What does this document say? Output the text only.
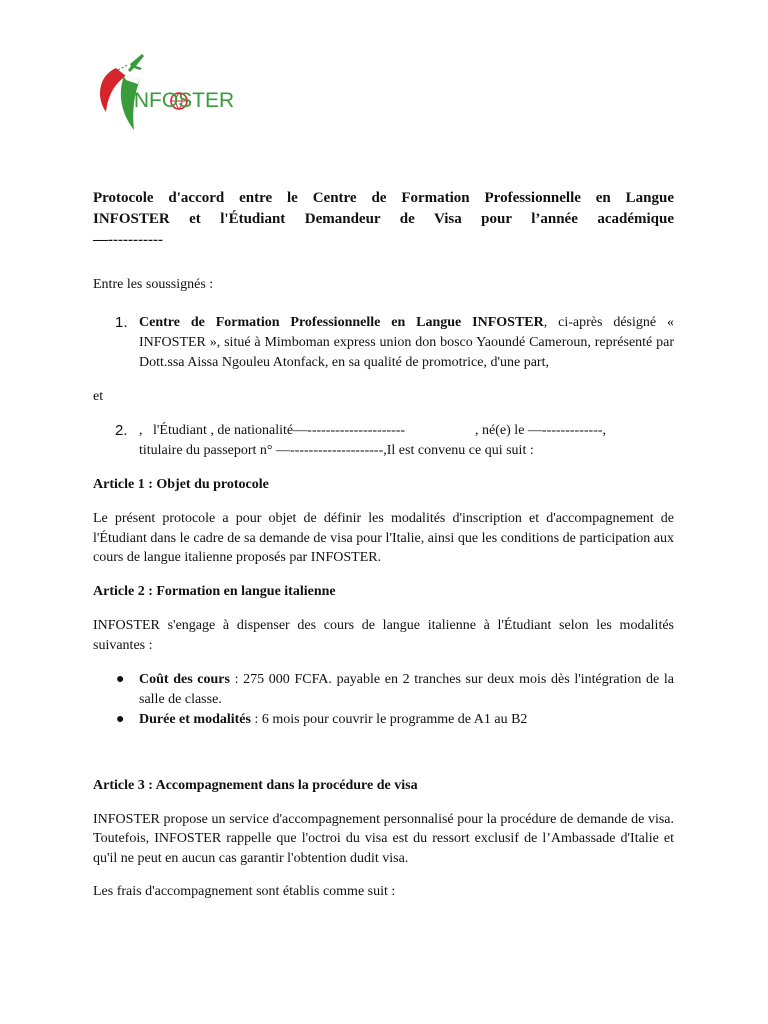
INFOSTER

Protocole d'accord entre le Centre de Formation Professionnelle en Langue

INFOSTER et l'Étudiant Demandeur de Visa pour l’année académique

—-----------

Entre les soussignés :

1. Centre de Formation Professionnelle en Langue INFOSTER, ci-après désigné « INFOSTER », situé à Mimboman express union don bosco Yaoundé Cameroun, représenté par Dott.ssa Aissa Ngouleu Atonfack, en sa qualité de promotrice, d'une part,

et

2. ,   l'Étudiant , de nationalité—---------------------                    , né(e) le —-------------,
titulaire du passeport n° —--------------------,Il est convenu ce qui suit :

Article 1 : Objet du protocole

Le présent protocole a pour objet de définir les modalités d'inscription et d'accompagnement de l'Étudiant dans le cadre de sa demande de visa pour l'Italie, ainsi que les conditions de participation aux cours de langue italienne proposés par INFOSTER.

Article 2 : Formation en langue italienne

INFOSTER s'engage à dispenser des cours de langue italienne à l'Étudiant selon les modalités suivantes :

●	Coût des cours : 275 000 FCFA. payable en 2 tranches sur deux mois dès l'intégration de la salle de classe.
●	Durée et modalités : 6 mois pour couvrir le programme de A1 au B2

Article 3 : Accompagnement dans la procédure de visa

INFOSTER propose un service d'accompagnement personnalisé pour la procédure de demande de visa. Toutefois, INFOSTER rappelle que l'octroi du visa est du ressort exclusif de l’Ambassade d'Italie et qu'il ne peut en aucun cas garantir l'obtention dudit visa.

Les frais d'accompagnement sont établis comme suit :
